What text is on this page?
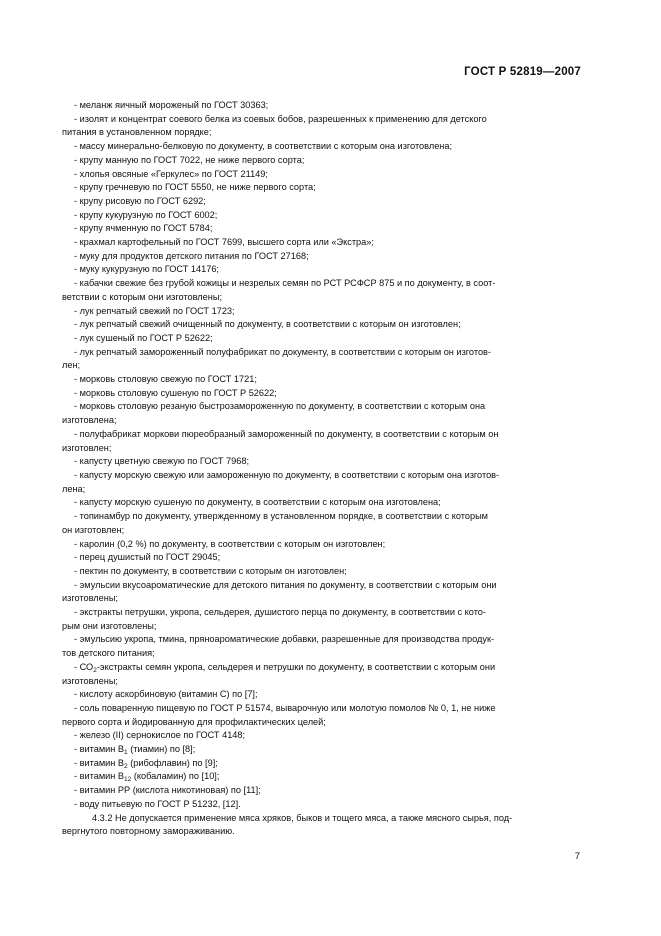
ГОСТ Р 52819—2007
- меланж яичный мороженый по ГОСТ 30363;
- изолят и концентрат соевого белка из соевых бобов, разрешенных к применению для детского
питания в установленном порядке;
- массу минерально-белковую по документу, в соответствии с которым она изготовлена;
- крупу манную по ГОСТ 7022, не ниже первого сорта;
- хлопья овсяные «Геркулес» по ГОСТ 21149;
- крупу гречневую по ГОСТ 5550, не ниже первого сорта;
- крупу рисовую по ГОСТ 6292;
- крупу кукурузную по ГОСТ 6002;
- крупу ячменную по ГОСТ 5784;
- крахмал картофельный по ГОСТ 7699, высшего сорта или «Экстра»;
- муку для продуктов детского питания по ГОСТ 27168;
- муку кукурузную по ГОСТ 14176;
- кабачки свежие без грубой кожицы и незрелых семян по РСТ РСФСР 875 и по документу, в соот-
ветствии с которым они изготовлены;
- лук репчатый свежий по ГОСТ 1723;
- лук репчатый свежий очищенный по документу, в соответствии с которым он изготовлен;
- лук сушеный по ГОСТ Р 52622;
- лук репчатый замороженный полуфабрикат по документу, в соответствии с которым он изготов-
лен;
- морковь столовую свежую по ГОСТ 1721;
- морковь столовую сушеную по ГОСТ Р 52622;
- морковь столовую резаную быстрозамороженную по документу, в соответствии с которым она
изготовлена;
- полуфабрикат моркови пюреобразный замороженный по документу, в соответствии с которым он
изготовлен;
- капусту цветную свежую по ГОСТ 7968;
- капусту морскую свежую или замороженную по документу, в соответствии с которым она изготов-
лена;
- капусту морскую сушеную по документу, в соответствии с которым она изготовлена;
- топинамбур по документу, утвержденному в установленном порядке, в соответствии с которым
он изготовлен;
- каролин (0,2 %) по документу, в соответствии с которым он изготовлен;
- перец душистый по ГОСТ 29045;
- пектин по документу, в соответствии с которым он изготовлен;
- эмульсии вкусоароматические для детского питания по документу, в соответствии с которым они
изготовлены;
- экстракты петрушки, укропа, сельдерея, душистого перца по документу, в соответствии с кото-
рым они изготовлены;
- эмульсию укропа, тмина, пряноароматические добавки, разрешенные для производства продук-
тов детского питания;
- $СО_2$-экстракты семян укропа, сельдерея и петрушки по документу, в соответствии с которым они
изготовлены;
- кислоту аскорбиновую (витамин С) по [7];
- соль поваренную пищевую по ГОСТ Р 51574, выварочную или молотую помолов № 0, 1, не ниже
первого сорта и йодированную для профилактических целей;
- железо (II) сернокислое по ГОСТ 4148;
- витамин $В_1$ (тиамин) по [8];
- витамин $В_2$ (рибофлавин) по [9];
- витамин $В_{12}$ (кобаламин) по [10];
- витамин РР (кислота никотиновая) по [11];
- воду питьевую по ГОСТ Р 51232, [12].
4.3.2 Не допускается применение мяса хряков, быков и тощего мяса, а также мясного сырья, под-
вергнутого повторному замораживанию.
7
